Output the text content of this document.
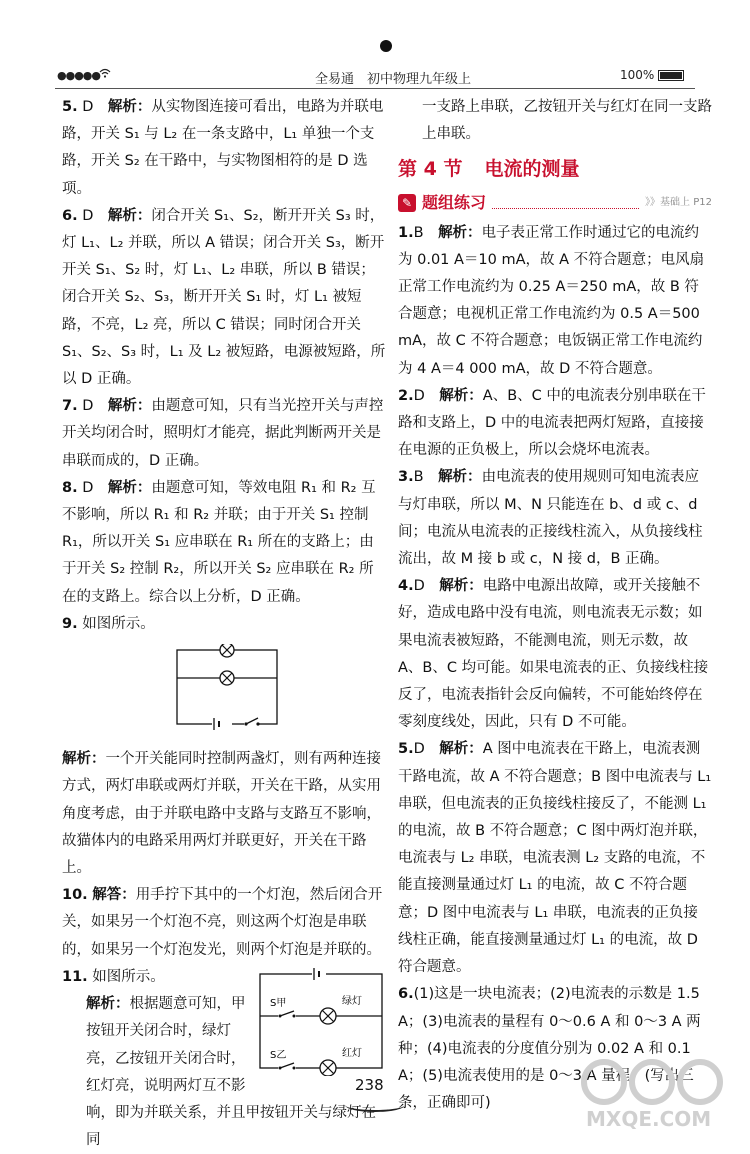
●●●●●	全易通　初中物理九年级上	100%

5. D　 解析：从实物图连接可看出，电路为并联电路，开关 S₁ 与 L₂ 在一条支路中，L₁ 单独一个支路，开关 S₂ 在干路中，与实物图相符的是 D 选项。

6. D　 解析：闭合开关 S₁、S₂，断开开关 S₃ 时，灯 L₁、L₂ 并联，所以 A 错误；闭合开关 S₃，断开开关 S₁、S₂ 时，灯 L₁、L₂ 串联，所以 B 错误；闭合开关 S₂、S₃，断开开关 S₁ 时，灯 L₁ 被短路，不亮，L₂ 亮，所以 C 错误；同时闭合开关 S₁、S₂、S₃ 时，L₁ 及 L₂ 被短路，电源被短路，所以 D 正确。

7. D　 解析：由题意可知，只有当光控开关与声控开关均闭合时，照明灯才能亮，据此判断两开关是串联而成的，D 正确。

8. D　 解析：由题意可知，等效电阻 R₁ 和 R₂ 互不影响，所以 R₁ 和 R₂ 并联；由于开关 S₁ 控制 R₁，所以开关 S₁ 应串联在 R₁ 所在的支路上；由于开关 S₂ 控制 R₂，所以开关 S₂ 应串联在 R₂ 所在的支路上。综合以上分析，D 正确。

9. 如图所示。

解析：一个开关能同时控制两盏灯，则有两种连接方式，两灯串联或两灯并联，开关在干路，从实用角度考虑，由于并联电路中支路与支路互不影响，故猫体内的电路采用两灯并联更好，开关在干路上。

10. 解答：用手拧下其中的一个灯泡，然后闭合开关，如果另一个灯泡不亮，则这两个灯泡是串联的，如果另一个灯泡发光，则两个灯泡是并联的。

11. 如图所示。

解析：根据题意可知，甲

按钮开关闭合时，绿灯

亮，乙按钮开关闭合时，

红灯亮，说明两灯互不影

响，即为并联关系，并且甲按钮开关与绿灯在同

S甲
S乙
绿灯
红灯

一支路上串联，乙按钮开关与红灯在同一支路上串联。

第 4 节 电流的测量
✎ 题组练习	》》基础上 P12

1.B　 解析：电子表正常工作时通过它的电流约为 0.01 A＝10 mA，故 A 不符合题意；电风扇正常工作电流约为 0.25 A＝250 mA，故 B 符合题意；电视机正常工作电流约为 0.5 A＝500 mA，故 C 不符合题意；电饭锅正常工作电流约为 4 A＝4 000 mA，故 D 不符合题意。

2.D　 解析：A、B、C 中的电流表分别串联在干路和支路上，D 中的电流表把两灯短路，直接接在电源的正负极上，所以会烧坏电流表。

3.B　 解析：由电流表的使用规则可知电流表应与灯串联，所以 M、N 只能连在 b、d 或 c、d 间；电流从电流表的正接线柱流入，从负接线柱流出，故 M 接 b 或 c，N 接 d，B 正确。

4.D　 解析：电路中电源出故障，或开关接触不好，造成电路中没有电流，则电流表无示数；如果电流表被短路，不能测电流，则无示数，故 A、B、C 均可能。如果电流表的正、负接线柱接反了，电流表指针会反向偏转，不可能始终停在零刻度线处，因此，只有 D 不可能。

5.D　 解析：A 图中电流表在干路上，电流表测干路电流，故 A 不符合题意；B 图中电流表与 L₁ 串联，但电流表的正负接线柱接反了，不能测 L₁ 的电流，故 B 不符合题意；C 图中两灯泡并联，电流表与 L₂ 串联，电流表测 L₂ 支路的电流，不能直接测量通过灯 L₁ 的电流，故 C 不符合题意；D 图中电流表与 L₁ 串联，电流表的正负接线柱正确，能直接测量通过灯 L₁ 的电流，故 D 符合题意。

6.(1)这是一块电流表；(2)电流表的示数是 1.5 A；(3)电流表的量程有 0～0.6 A 和 0～3 A 两种；(4)电流表的分度值分别为 0.02 A 和 0.1 A；(5)电流表使用的是 0～3 A 量程。(写出三条，正确即可)

238
MXQE.COM
